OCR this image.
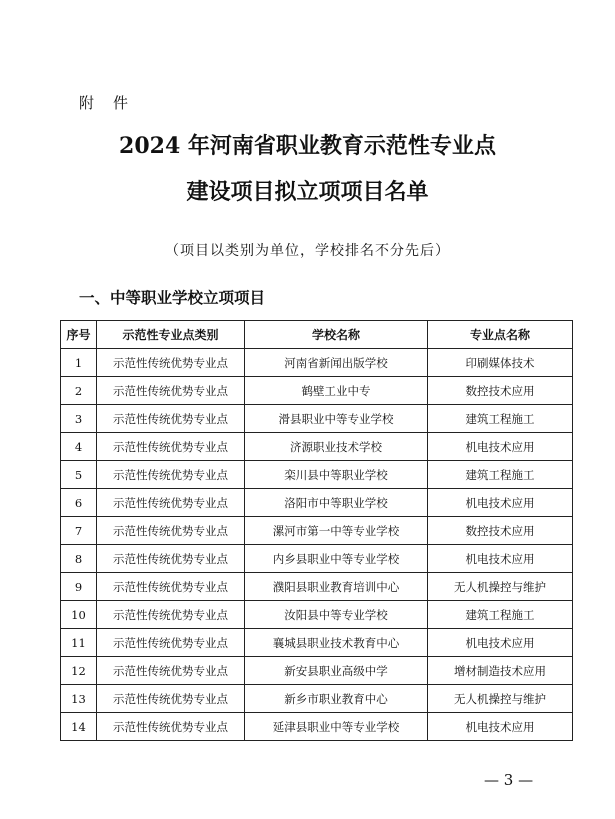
附　件
2024 年河南省职业教育示范性专业点
建设项目拟立项项目名单
（项目以类别为单位，学校排名不分先后）
一、中等职业学校立项项目
序号	示范性专业点类别	学校名称	专业点名称
1	示范性传统优势专业点	河南省新闻出版学校	印刷媒体技术
2	示范性传统优势专业点	鹤壁工业中专	数控技术应用
3	示范性传统优势专业点	滑县职业中等专业学校	建筑工程施工
4	示范性传统优势专业点	济源职业技术学校	机电技术应用
5	示范性传统优势专业点	栾川县中等职业学校	建筑工程施工
6	示范性传统优势专业点	洛阳市中等职业学校	机电技术应用
7	示范性传统优势专业点	漯河市第一中等专业学校	数控技术应用
8	示范性传统优势专业点	内乡县职业中等专业学校	机电技术应用
9	示范性传统优势专业点	濮阳县职业教育培训中心	无人机操控与维护
10	示范性传统优势专业点	汝阳县中等专业学校	建筑工程施工
11	示范性传统优势专业点	襄城县职业技术教育中心	机电技术应用
12	示范性传统优势专业点	新安县职业高级中学	增材制造技术应用
13	示范性传统优势专业点	新乡市职业教育中心	无人机操控与维护
14	示范性传统优势专业点	延津县职业中等专业学校	机电技术应用
— 3 —
